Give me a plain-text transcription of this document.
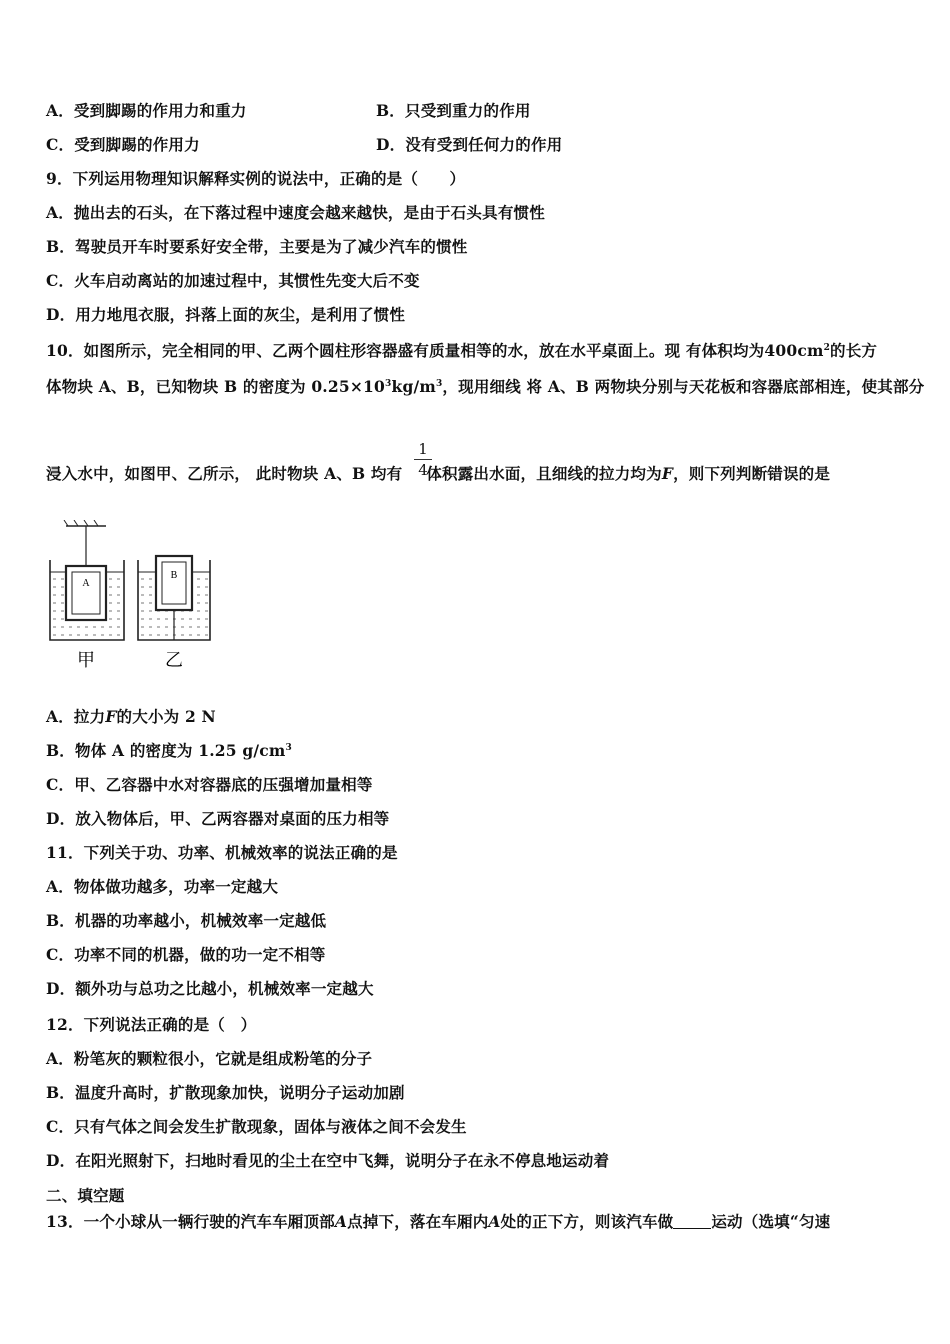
A．受到脚踢的作用力和重力	B．只受到重力的作用
C．受到脚踢的作用力	D．没有受到任何力的作用
9．下列运用物理知识解释实例的说法中，正确的是（　　）
A．抛出去的石头，在下落过程中速度会越来越快，是由于石头具有惯性
B．驾驶员开车时要系好安全带，主要是为了减少汽车的惯性
C．火车启动离站的加速过程中，其惯性先变大后不变
D．用力地甩衣服，抖落上面的灰尘，是利用了惯性
10．如图所示，完全相同的甲、乙两个圆柱形容器盛有质量相等的水，放在水平桌面上。现 有体积均为$400cm^2$的长方
体物块 A、B，已知物块 B 的密度为 $0.25\times 10^3kg/m^3$，现用细线 将 A、B 两物块分别与天花板和容器底部相连，使其部分
1
4
浸入水中，如图甲、乙所示， 此时物块 A、B 均有 体积露出水面，且细线的拉力均为F，则下列判断错误的是
A
B
甲	乙
A．拉力F的大小为 2 N
B．物体 A 的密度为 1.25 $g/cm^3$
C．甲、乙容器中水对容器底的压强增加量相等
D．放入物体后，甲、乙两容器对桌面的压力相等
11．下列关于功、功率、机械效率的说法正确的是
A．物体做功越多，功率一定越大
B．机器的功率越小，机械效率一定越低
C．功率不同的机器，做的功一定不相等
D．额外功与总功之比越小，机械效率一定越大
12．下列说法正确的是（　）
A．粉笔灰的颗粒很小，它就是组成粉笔的分子
B．温度升高时，扩散现象加快，说明分子运动加剧
C．只有气体之间会发生扩散现象，固体与液体之间不会发生
D．在阳光照射下，扫地时看见的尘土在空中飞舞，说明分子在永不停息地运动着
二、填空题
13．一个小球从一辆行驶的汽车车厢顶部A点掉下，落在车厢内A处的正下方，则该汽车做 运动（选填“匀速
